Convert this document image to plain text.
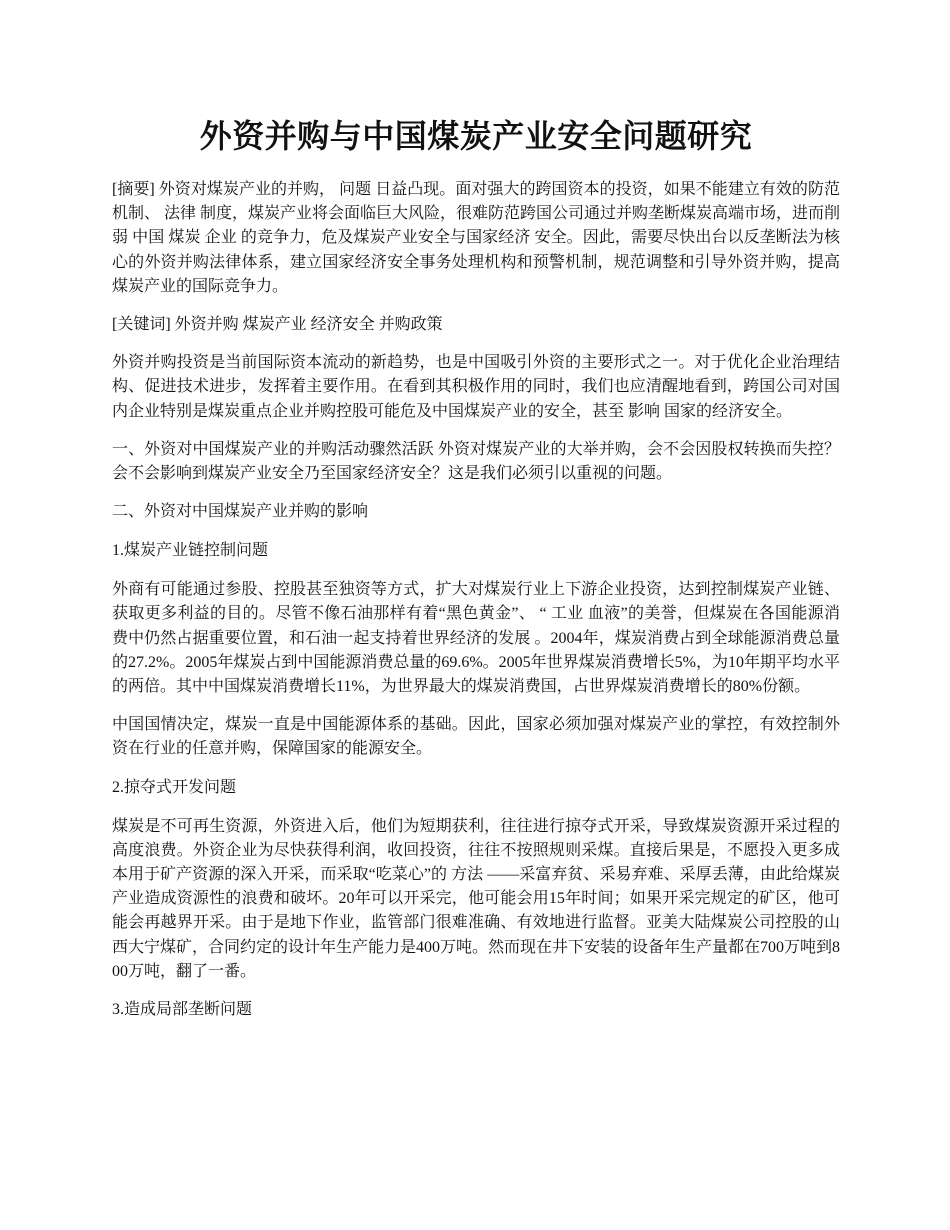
外资并购与中国煤炭产业安全问题研究

[摘要] 外资对煤炭产业的并购， 问题 日益凸现。面对强大的跨国资本的投资，如果不能建立有效的防范机制、 法律 制度，煤炭产业将会面临巨大风险，很难防范跨国公司通过并购垄断煤炭高端市场，进而削弱 中国 煤炭 企业 的竞争力，危及煤炭产业安全与国家经济 安全。因此，需要尽快出台以反垄断法为核心的外资并购法律体系，建立国家经济安全事务处理机构和预警机制，规范调整和引导外资并购，提高煤炭产业的国际竞争力。

[关键词] 外资并购 煤炭产业 经济安全 并购政策

外资并购投资是当前国际资本流动的新趋势，也是中国吸引外资的主要形式之一。对于优化企业治理结构、促进技术进步，发挥着主要作用。在看到其积极作用的同时，我们也应清醒地看到，跨国公司对国内企业特别是煤炭重点企业并购控股可能危及中国煤炭产业的安全，甚至 影响 国家的经济安全。

一、外资对中国煤炭产业的并购活动骤然活跃 外资对煤炭产业的大举并购，会不会因股权转换而失控？会不会影响到煤炭产业安全乃至国家经济安全？这是我们必须引以重视的问题。

二、外资对中国煤炭产业并购的影响

1.煤炭产业链控制问题

外商有可能通过参股、控股甚至独资等方式，扩大对煤炭行业上下游企业投资，达到控制煤炭产业链、获取更多利益的目的。尽管不像石油那样有着“黑色黄金”、 “ 工业 血液”的美誉，但煤炭在各国能源消费中仍然占据重要位置，和石油一起支持着世界经济的发展 。2004年，煤炭消费占到全球能源消费总量的27.2%。2005年煤炭占到中国能源消费总量的69.6%。2005年世界煤炭消费增长5%，为10年期平均水平的两倍。其中中国煤炭消费增长11%，为世界最大的煤炭消费国，占世界煤炭消费增长的80%份额。

中国国情决定，煤炭一直是中国能源体系的基础。因此，国家必须加强对煤炭产业的掌控，有效控制外资在行业的任意并购，保障国家的能源安全。

2.掠夺式开发问题

煤炭是不可再生资源，外资进入后，他们为短期获利，往往进行掠夺式开采，导致煤炭资源开采过程的高度浪费。外资企业为尽快获得利润，收回投资，往往不按照规则采煤。直接后果是，不愿投入更多成本用于矿产资源的深入开采，而采取“吃菜心”的 方法 ——采富弃贫、采易弃难、采厚丢薄，由此给煤炭产业造成资源性的浪费和破坏。20年可以开采完，他可能会用15年时间；如果开采完规定的矿区，他可能会再越界开采。由于是地下作业，监管部门很难准确、有效地进行监督。亚美大陆煤炭公司控股的山西大宁煤矿，合同约定的设计年生产能力是400万吨。然而现在井下安装的设备年生产量都在700万吨到800万吨，翻了一番。

3.造成局部垄断问题
